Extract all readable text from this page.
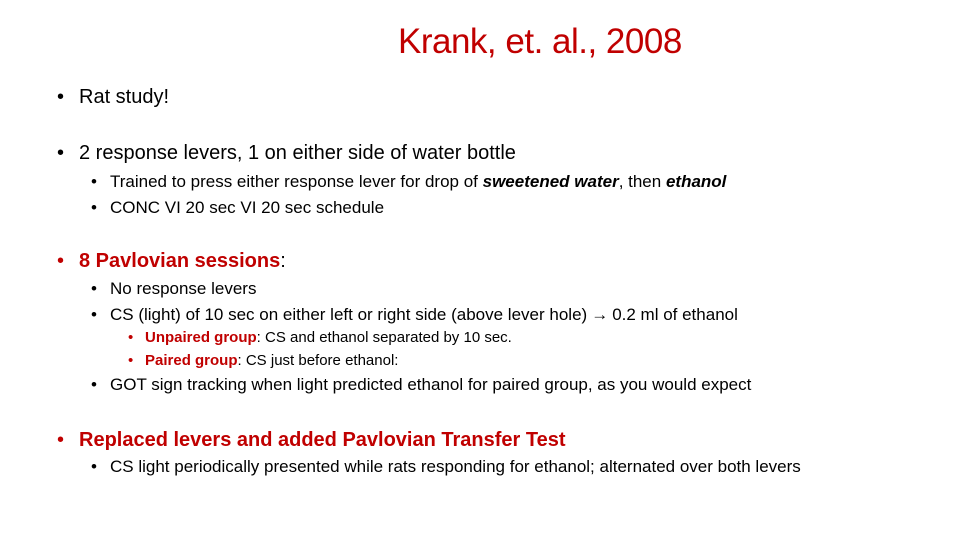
Krank, et. al., 2008
• Rat study!
• 2 response levers, 1 on either side of water bottle
• Trained to press either response lever for drop of sweetened water , then ethanol
• CONC VI 20 sec VI 20 sec schedule
• 8 Pavlovian sessions :
• No response levers
• CS (light) of 10 sec on either left or right side (above lever hole) → 0.2 ml of ethanol
• Unpaired group : CS and ethanol separated by 10 sec.
• Paired group : CS just before ethanol:
• GOT sign tracking when light predicted ethanol for paired group, as you would expect
• Replaced levers and added Pavlovian Transfer Test
• CS light periodically presented while rats responding for ethanol; alternated over both levers
